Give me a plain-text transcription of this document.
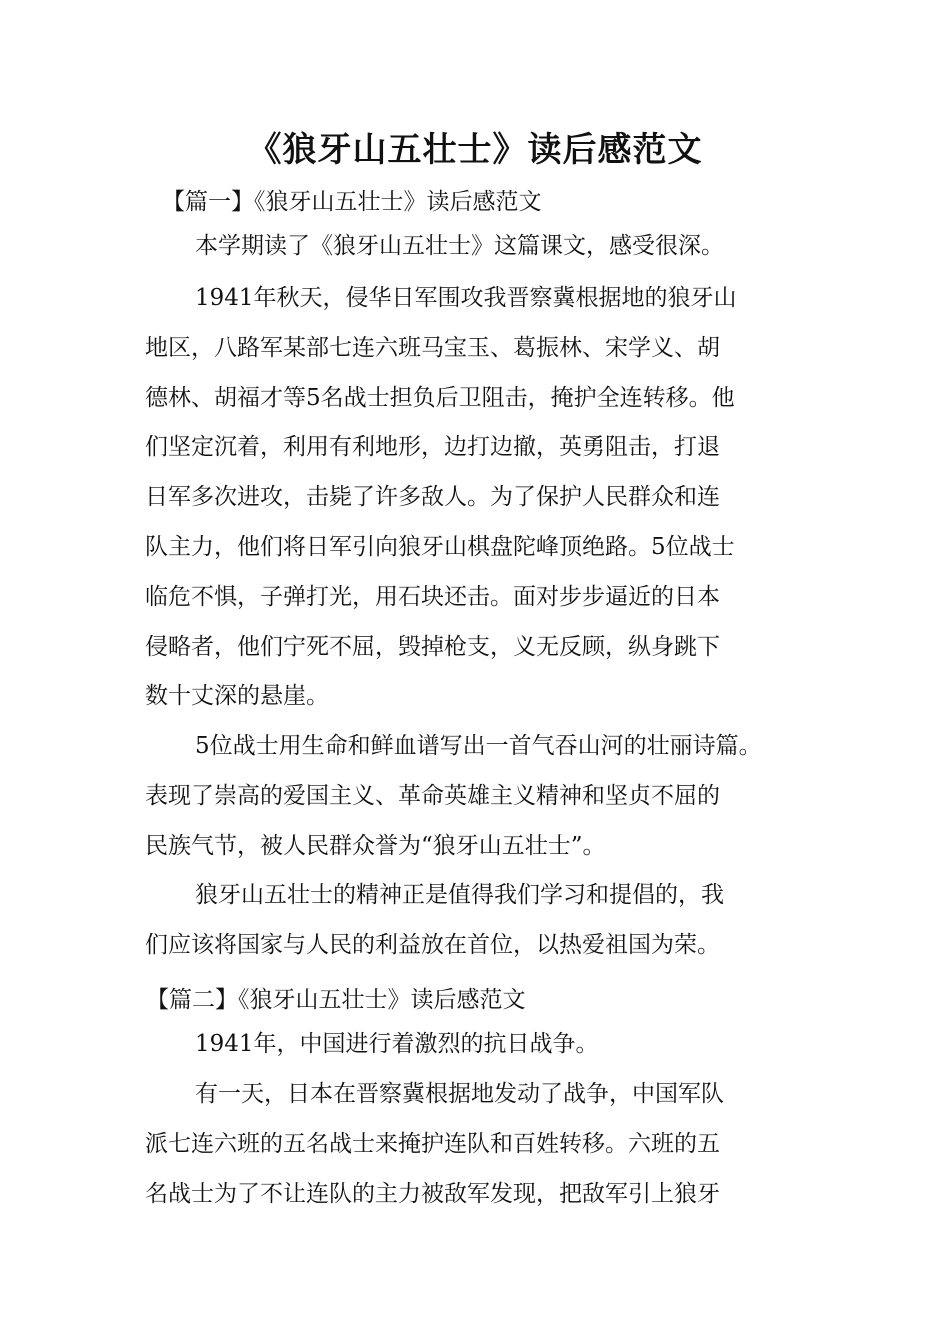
《狼牙山五壮士》读后感范文
【篇一】《狼牙山五壮士》读后感范文
本学期读了《狼牙山五壮士》这篇课文，感受很深。
1941年秋天，侵华日军围攻我晋察冀根据地的狼牙山
地区，八路军某部七连六班马宝玉、葛振林、宋学义、胡
德林、胡福才等5名战士担负后卫阻击，掩护全连转移。他
们坚定沉着，利用有利地形，边打边撤，英勇阻击，打退
日军多次进攻，击毙了许多敌人。为了保护人民群众和连
队主力，他们将日军引向狼牙山棋盘陀峰顶绝路。5位战士
临危不惧，子弹打光，用石块还击。面对步步逼近的日本
侵略者，他们宁死不屈，毁掉枪支，义无反顾，纵身跳下
数十丈深的悬崖。
5位战士用生命和鲜血谱写出一首气吞山河的壮丽诗篇。
表现了崇高的爱国主义、革命英雄主义精神和坚贞不屈的
民族气节，被人民群众誉为“狼牙山五壮士”。
狼牙山五壮士的精神正是值得我们学习和提倡的，我
们应该将国家与人民的利益放在首位，以热爱祖国为荣。
【篇二】《狼牙山五壮士》读后感范文
1941年，中国进行着激烈的抗日战争。
有一天，日本在晋察冀根据地发动了战争，中国军队
派七连六班的五名战士来掩护连队和百姓转移。六班的五
名战士为了不让连队的主力被敌军发现，把敌军引上狼牙
